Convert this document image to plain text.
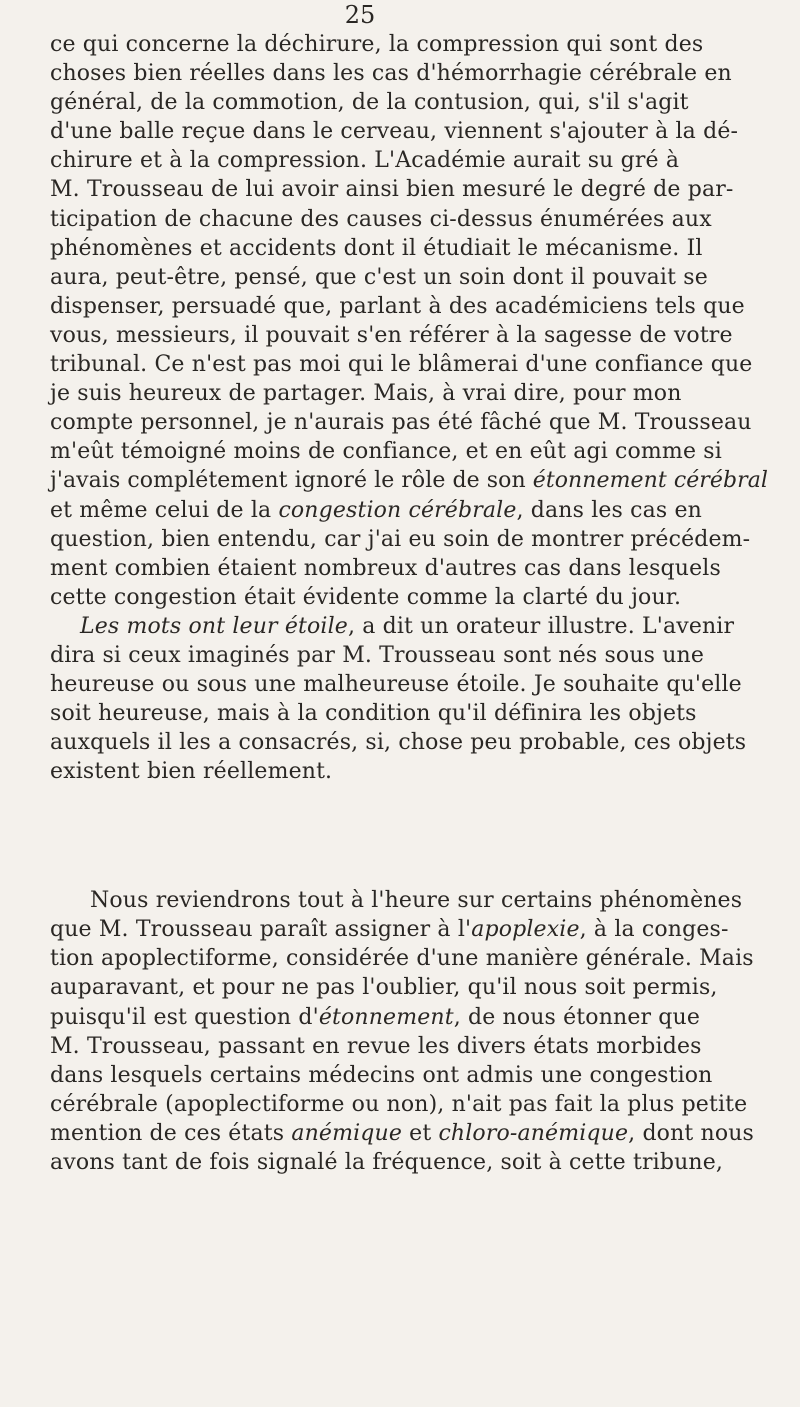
25
ce qui concerne la déchirure, la compression qui sont des
choses bien réelles dans les cas d'hémorrhagie cérébrale en
général, de la commotion, de la contusion, qui, s'il s'agit
d'une balle reçue dans le cerveau, viennent s'ajouter à la dé-
chirure et à la compression. L'Académie aurait su gré à
M. Trousseau de lui avoir ainsi bien mesuré le degré de par-
ticipation de chacune des causes ci-dessus énumérées aux
phénomènes et accidents dont il étudiait le mécanisme. Il
aura, peut-être, pensé, que c'est un soin dont il pouvait se
dispenser, persuadé que, parlant à des académiciens tels que
vous, messieurs, il pouvait s'en référer à la sagesse de votre
tribunal. Ce n'est pas moi qui le blâmerai d'une confiance que
je suis heureux de partager. Mais, à vrai dire, pour mon
compte personnel, je n'aurais pas été fâché que M. Trousseau
m'eût témoigné moins de confiance, et en eût agi comme si
j'avais complétement ignoré le rôle de son étonnement cérébral
et même celui de la congestion cérébrale, dans les cas en
question, bien entendu, car j'ai eu soin de montrer précédem-
ment combien étaient nombreux d'autres cas dans lesquels
cette congestion était évidente comme la clarté du jour.
Les mots ont leur étoile, a dit un orateur illustre. L'avenir
dira si ceux imaginés par M. Trousseau sont nés sous une
heureuse ou sous une malheureuse étoile. Je souhaite qu'elle
soit heureuse, mais à la condition qu'il définira les objets
auxquels il les a consacrés, si, chose peu probable, ces objets
existent bien réellement.
Nous reviendrons tout à l'heure sur certains phénomènes
que M. Trousseau paraît assigner à l'apoplexie, à la conges-
tion apoplectiforme, considérée d'une manière générale. Mais
auparavant, et pour ne pas l'oublier, qu'il nous soit permis,
puisqu'il est question d'étonnement, de nous étonner que
M. Trousseau, passant en revue les divers états morbides
dans lesquels certains médecins ont admis une congestion
cérébrale (apoplectiforme ou non), n'ait pas fait la plus petite
mention de ces états anémique et chloro-anémique, dont nous
avons tant de fois signalé la fréquence, soit à cette tribune,
